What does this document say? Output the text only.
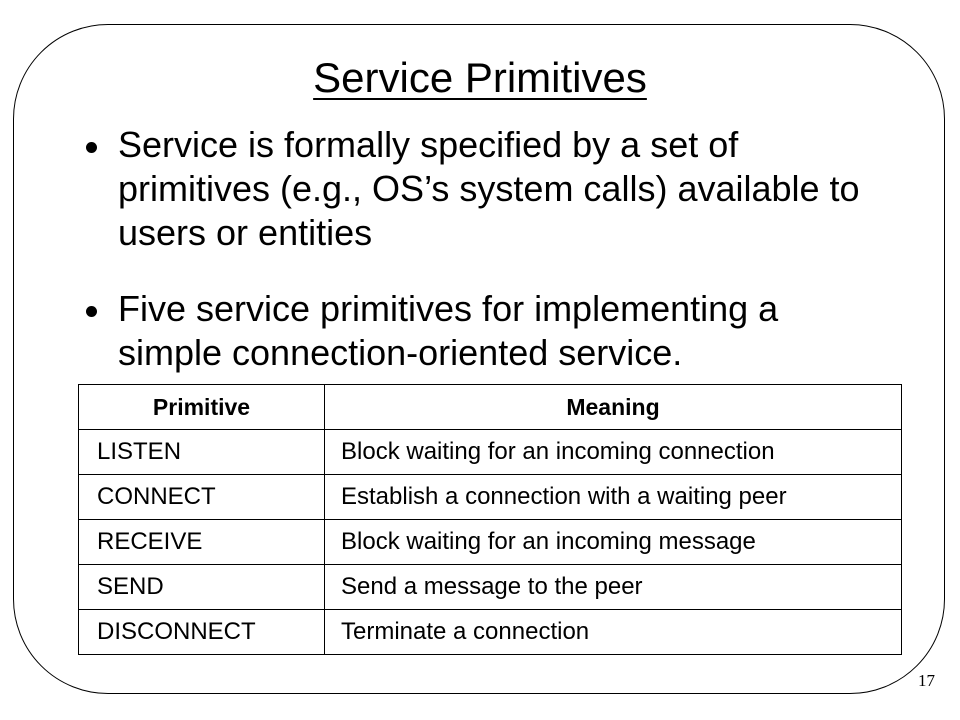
Service Primitives
Service is formally specified by a set of primitives (e.g., OS’s system calls) available to users or entities
Five service primitives for implementing a simple connection-oriented service.
Primitive	Meaning
LISTEN	Block waiting for an incoming connection
CONNECT	Establish a connection with a waiting peer
RECEIVE	Block waiting for an incoming message
SEND	Send a message to the peer
DISCONNECT	Terminate a connection
17
